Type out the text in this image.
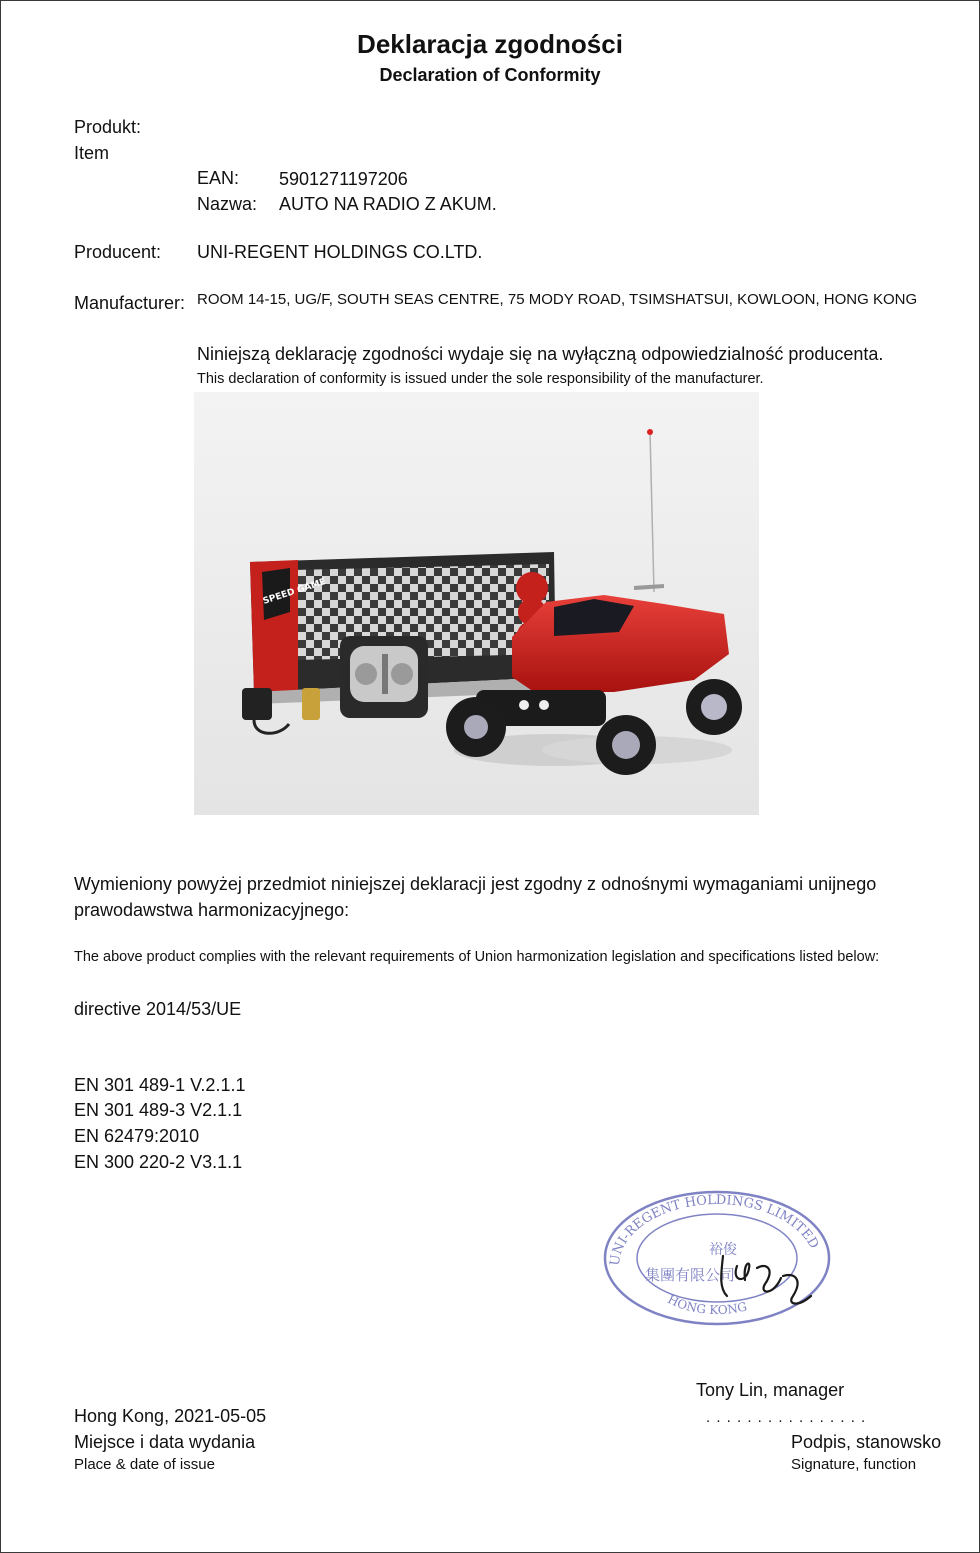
Deklaracja zgodności
Declaration of Conformity
Produkt:
Item
EAN: 5901271197206
Nazwa: AUTO NA RADIO Z AKUM.
Producent: UNI-REGENT HOLDINGS CO.LTD.
Manufacturer: ROOM 14-15, UG/F, SOUTH SEAS CENTRE, 75 MODY ROAD, TSIMSHATSUI, KOWLOON, HONG KONG
Niniejszą deklarację zgodności wydaje się na wyłączną odpowiedzialność producenta.
This declaration of conformity is issued under the sole responsibility of the manufacturer.
SPEED GAME
Wymieniony powyżej przedmiot niniejszej deklaracji jest zgodny z odnośnymi wymaganiami unijnego
prawodawstwa harmonizacyjnego:
The above product complies with the relevant requirements of Union harmonization legislation and specifications listed below:
directive 2014/53/UE
EN 301 489-1 V.2.1.1
EN 301 489-3 V2.1.1
EN 62479:2010
EN 300 220-2 V3.1.1
UNI-REGENT HOLDINGS LIMITED
HONG KONG
裕俊
集團有限公司
Tony Lin, manager
. . . . . . . . . . . . . . . .
Hong Kong, 2021-05-05
Miejsce i data wydania
Place & date of issue
Podpis, stanowsko
Signature, function
